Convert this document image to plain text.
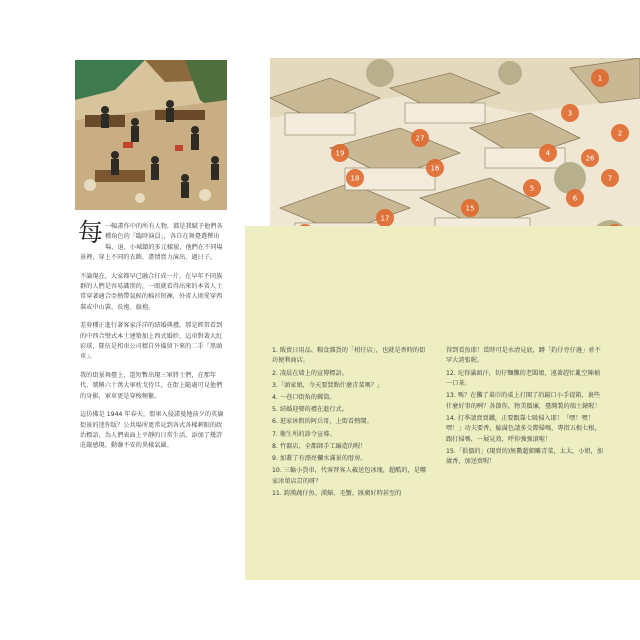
1
2
3
4
5
6
7
15
16
17
18
19
26
27

每一幅畫作中的所有人物，都是我賦予他們各種角色的「臨時演員」，各自在舞臺選擇出場、退、小城鎮的多元樣貌，他們在不同場景裡，穿上不同的衣飾，盡情賣力演出、過日子。

不論現在，大家都早已融合打成一片，在早年不同族群的人們是容易識別的，一眼就看得出來的本省人士常穿著適合亞熱帶氣候的棉衫短褲，外省人則愛穿西裝或中山裝、長袍、旗袍。

差券種正進行著客家洋洋的結婚典禮，那是經常看到的中西合璧式本土建築加上西式婚紗，這車對著大紅彩球，隊伍是租車公司精自外備留下來的二手「黑頭車」。

我的街景舞臺上，還短暫出現三軍將士們，在那年代，號稱六十萬大軍枕戈待旦，在街上隨處可見他們的身影，軍車更是穿梭頻繁。

這仿佛是 1944 年春天，盟軍入侵諾曼地前夕的英倫街景的迷你版？公共場所更常見到各式各樣刺眼的政治標語，為人們表面上平靜的日常生活，添加了幾許莊嚴感現、動盪不安的異樣氣圍。

1. 販賣日用品、糧食雜貨的「柑仔店」，也就是香時的街坊便利商店。
2. 凌晨在墻上的宣傳標語。
3.「頭家娘，今天要買點什麼青菜嗎？」
4. 一巷口街角的郵筒。
5. 結婚迎娶的禮在進行式。
6. 逛家休假的阿兵哥，上街看熱鬧。
7. 衛生所的診令宣導。
8. 竹器店，全都師手工編造的喔！
9. 加蓋了有漂亮欄水滿景的厝房。
10. 三輪小貨車，代客替客人載送包冰塊，超酷的，是哪家冰菓店訂的呀？
11. 鈞漢蔬仔魚、漢鰆、毛蟹，匯廣好時甚至的
得到看魚耶！當時可是水清見底，蹲「釣仔旁仔邊」並不罕大誇張喔。
12. 坨得滿頭汗，切仔麵攤的老闆娘，遠著趕忙亂空陳桶一口茶。
13. 嗎？在攤了桌巾的桌上打開了的鏡口小手提箱，裏些什麼好事的咧？各節你，物美價廉，臺灣製的瑞士錶喔！
14. 打季請賣賣鐵，正要跟靠七吸掃入耶！「嘿！嘿！嘿！」功夫要香，僱滿色請多交際掃嗎，專指五根七根，跟打掃嗎，一展見效，呼你強強滾啦！
15.「俱價的」(現賣的)無數超細雕青菜，太太，小姐，加歲香，加送賣喔！
